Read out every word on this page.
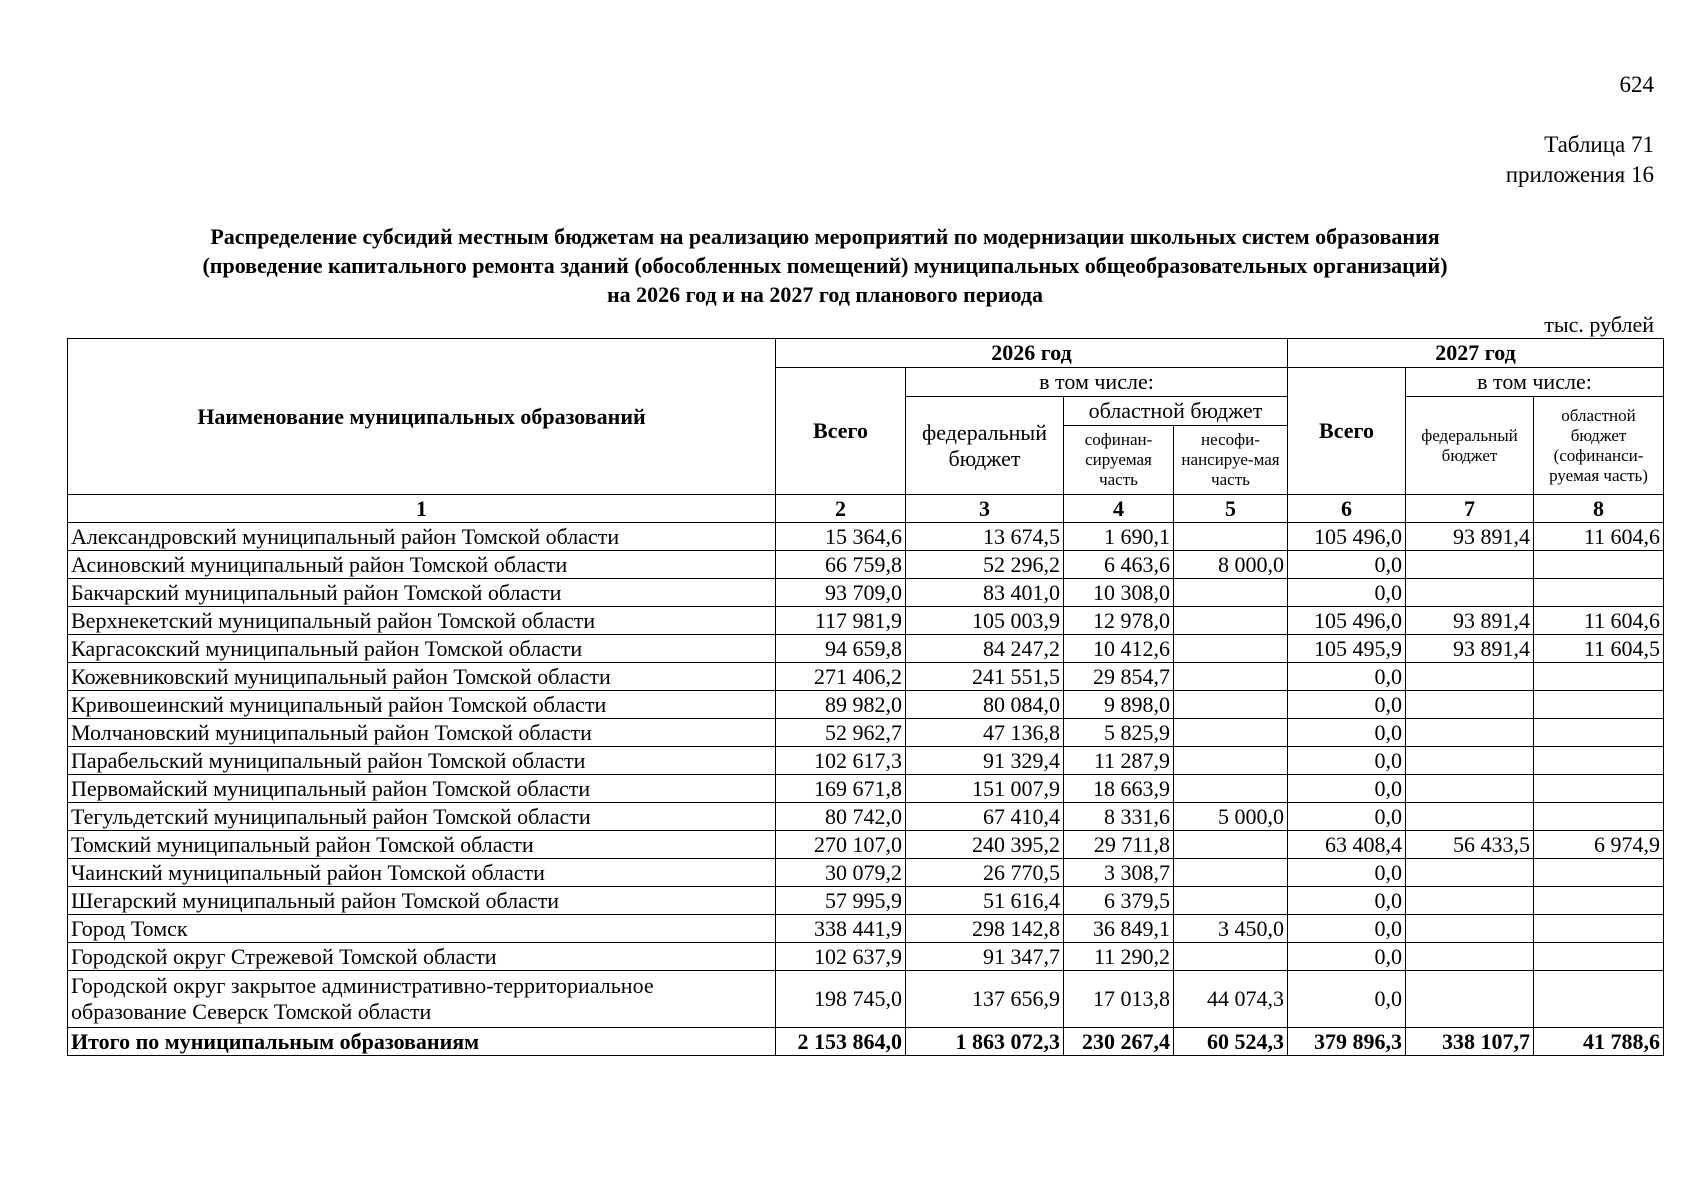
624
Таблица 71
приложения 16
Распределение субсидий местным бюджетам на реализацию мероприятий по модернизации школьных систем образования
(проведение капитального ремонта зданий (обособленных помещений) муниципальных общеобразовательных организаций)
на 2026 год и на 2027 год планового периода
тыс. рублей
Наименование муниципальных образований	2026 год				2027 год		
	Всего	в том числе:			Всего	в том числе:	
		федеральный бюджет	областной бюджет			федеральный бюджет	областной бюджет (софинанси-руемая часть)
			софинан-сируемая часть	несофи-нансируе-мая часть			
1	2	3	4	5	6	7	8
Александровский муниципальный район Томской области	15 364,6	13 674,5	1 690,1		105 496,0	93 891,4	11 604,6
Асиновский муниципальный район Томской области	66 759,8	52 296,2	6 463,6	8 000,0	0,0		
Бакчарский муниципальный район Томской области	93 709,0	83 401,0	10 308,0		0,0		
Верхнекетский муниципальный район Томской области	117 981,9	105 003,9	12 978,0		105 496,0	93 891,4	11 604,6
Каргасокский муниципальный район Томской области	94 659,8	84 247,2	10 412,6		105 495,9	93 891,4	11 604,5
Кожевниковский муниципальный район Томской области	271 406,2	241 551,5	29 854,7		0,0		
Кривошеинский муниципальный район Томской области	89 982,0	80 084,0	9 898,0		0,0		
Молчановский муниципальный район Томской области	52 962,7	47 136,8	5 825,9		0,0		
Парабельский муниципальный район Томской области	102 617,3	91 329,4	11 287,9		0,0		
Первомайский муниципальный район Томской области	169 671,8	151 007,9	18 663,9		0,0		
Тегульдетский муниципальный район Томской области	80 742,0	67 410,4	8 331,6	5 000,0	0,0		
Томский муниципальный район Томской области	270 107,0	240 395,2	29 711,8		63 408,4	56 433,5	6 974,9
Чаинский муниципальный район Томской области	30 079,2	26 770,5	3 308,7		0,0		
Шегарский муниципальный район Томской области	57 995,9	51 616,4	6 379,5		0,0		
Город Томск	338 441,9	298 142,8	36 849,1	3 450,0	0,0		
Городской округ Стрежевой Томской области	102 637,9	91 347,7	11 290,2		0,0		
Городской округ закрытое административно-территориальное образование Северск Томской области	198 745,0	137 656,9	17 013,8	44 074,3	0,0		
Итого по муниципальным образованиям	2 153 864,0	1 863 072,3	230 267,4	60 524,3	379 896,3	338 107,7	41 788,6
